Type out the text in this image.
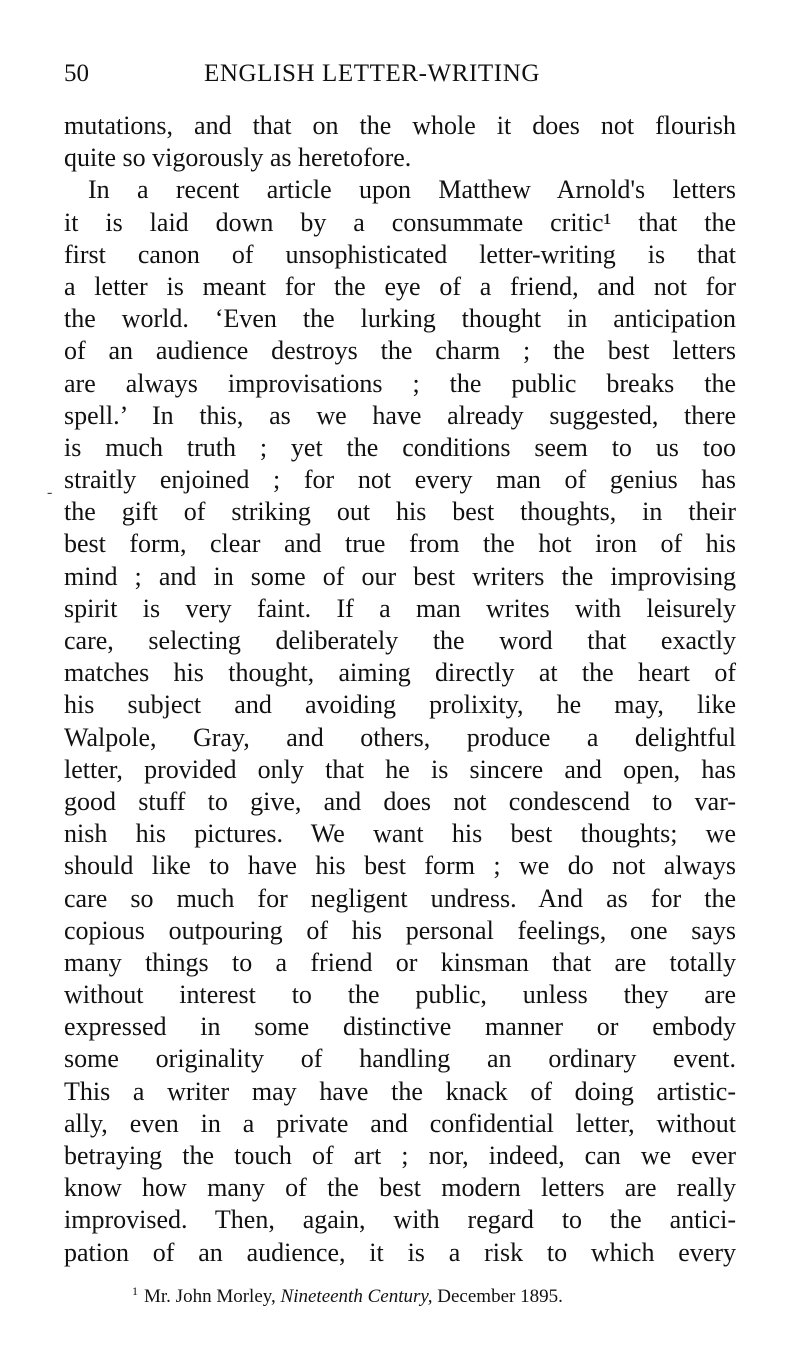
50	ENGLISH LETTER-WRITING
-
mutations, and that on the whole it does not flourish
quite so vigorously as heretofore.
In a recent article upon Matthew Arnold's letters
it is laid down by a consummate critic¹ that the
first canon of unsophisticated letter-writing is that
a letter is meant for the eye of a friend, and not for
the world. ‘Even the lurking thought in anticipation
of an audience destroys the charm ; the best letters
are always improvisations ; the public breaks the
spell.’ In this, as we have already suggested, there
is much truth ; yet the conditions seem to us too
straitly enjoined ; for not every man of genius has
the gift of striking out his best thoughts, in their
best form, clear and true from the hot iron of his
mind ; and in some of our best writers the improvising
spirit is very faint. If a man writes with leisurely
care, selecting deliberately the word that exactly
matches his thought, aiming directly at the heart of
his subject and avoiding prolixity, he may, like
Walpole, Gray, and others, produce a delightful
letter, provided only that he is sincere and open, has
good stuff to give, and does not condescend to var-
nish his pictures. We want his best thoughts; we
should like to have his best form ; we do not always
care so much for negligent undress. And as for the
copious outpouring of his personal feelings, one says
many things to a friend or kinsman that are totally
without interest to the public, unless they are
expressed in some distinctive manner or embody
some originality of handling an ordinary event.
This a writer may have the knack of doing artistic-
ally, even in a private and confidential letter, without
betraying the touch of art ; nor, indeed, can we ever
know how many of the best modern letters are really
improvised. Then, again, with regard to the antici-
pation of an audience, it is a risk to which every
$^1$ Mr. John Morley, Nineteenth Century, December 1895.
